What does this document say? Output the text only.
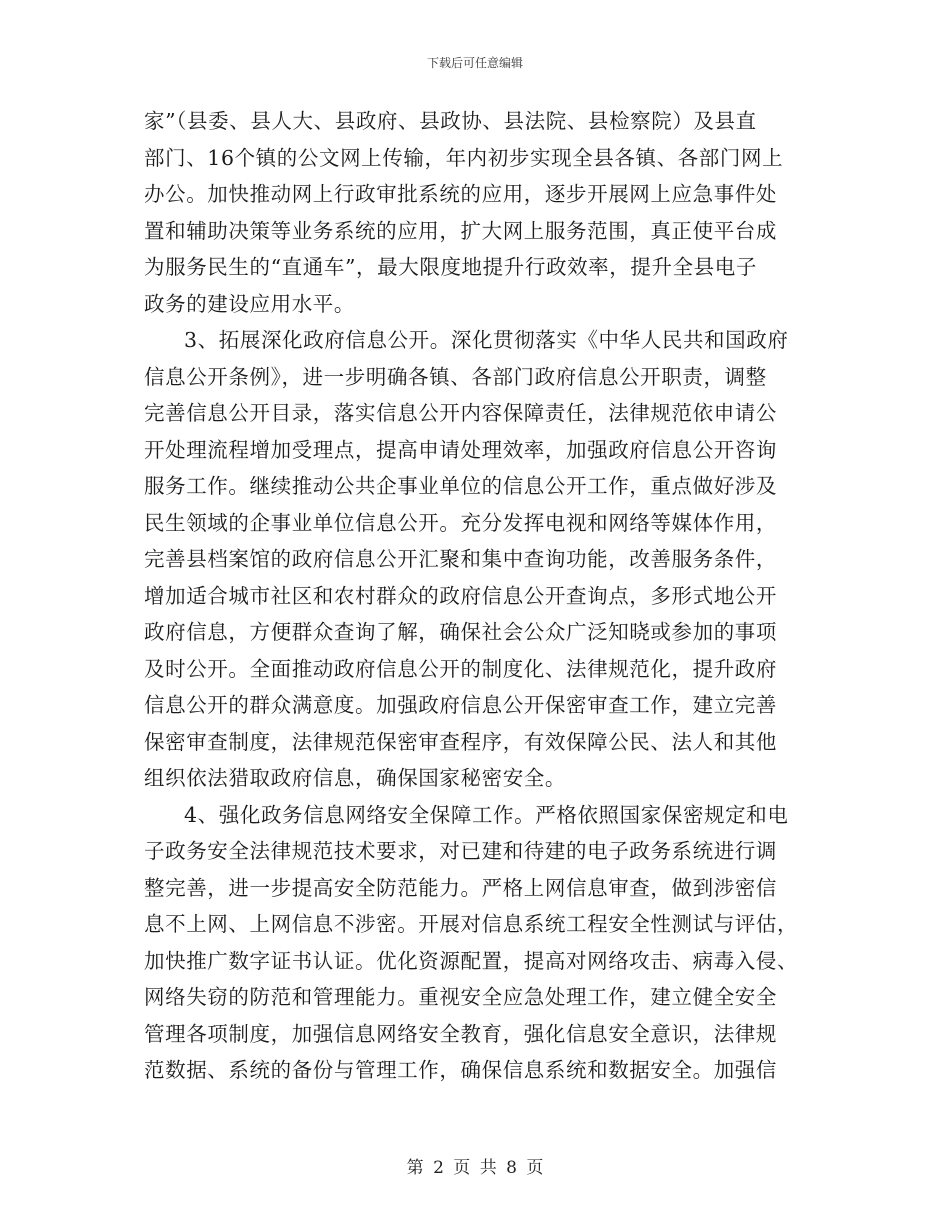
下载后可任意编辑
家”（县委、县人大、县政府、县政协、县法院、县检察院）及县直
部门、16个镇的公文网上传输，年内初步实现全县各镇、各部门网上
办公。加快推动网上行政审批系统的应用，逐步开展网上应急事件处
置和辅助决策等业务系统的应用，扩大网上服务范围，真正使平台成
为服务民生的“直通车”，最大限度地提升行政效率，提升全县电子
政务的建设应用水平。
3、拓展深化政府信息公开。深化贯彻落实《中华人民共和国政府
信息公开条例》，进一步明确各镇、各部门政府信息公开职责，调整
完善信息公开目录，落实信息公开内容保障责任，法律规范依申请公
开处理流程增加受理点，提高申请处理效率，加强政府信息公开咨询
服务工作。继续推动公共企事业单位的信息公开工作，重点做好涉及
民生领域的企事业单位信息公开。充分发挥电视和网络等媒体作用，
完善县档案馆的政府信息公开汇聚和集中查询功能，改善服务条件，
增加适合城市社区和农村群众的政府信息公开查询点，多形式地公开
政府信息，方便群众查询了解，确保社会公众广泛知晓或参加的事项
及时公开。全面推动政府信息公开的制度化、法律规范化，提升政府
信息公开的群众满意度。加强政府信息公开保密审查工作，建立完善
保密审查制度，法律规范保密审查程序，有效保障公民、法人和其他
组织依法猎取政府信息，确保国家秘密安全。
4、强化政务信息网络安全保障工作。严格依照国家保密规定和电
子政务安全法律规范技术要求，对已建和待建的电子政务系统进行调
整完善，进一步提高安全防范能力。严格上网信息审查，做到涉密信
息不上网、上网信息不涉密。开展对信息系统工程安全性测试与评估，
加快推广数字证书认证。优化资源配置，提高对网络攻击、病毒入侵、
网络失窃的防范和管理能力。重视安全应急处理工作，建立健全安全
管理各项制度，加强信息网络安全教育，强化信息安全意识，法律规
范数据、系统的备份与管理工作，确保信息系统和数据安全。加强信
第 2 页 共 8 页
